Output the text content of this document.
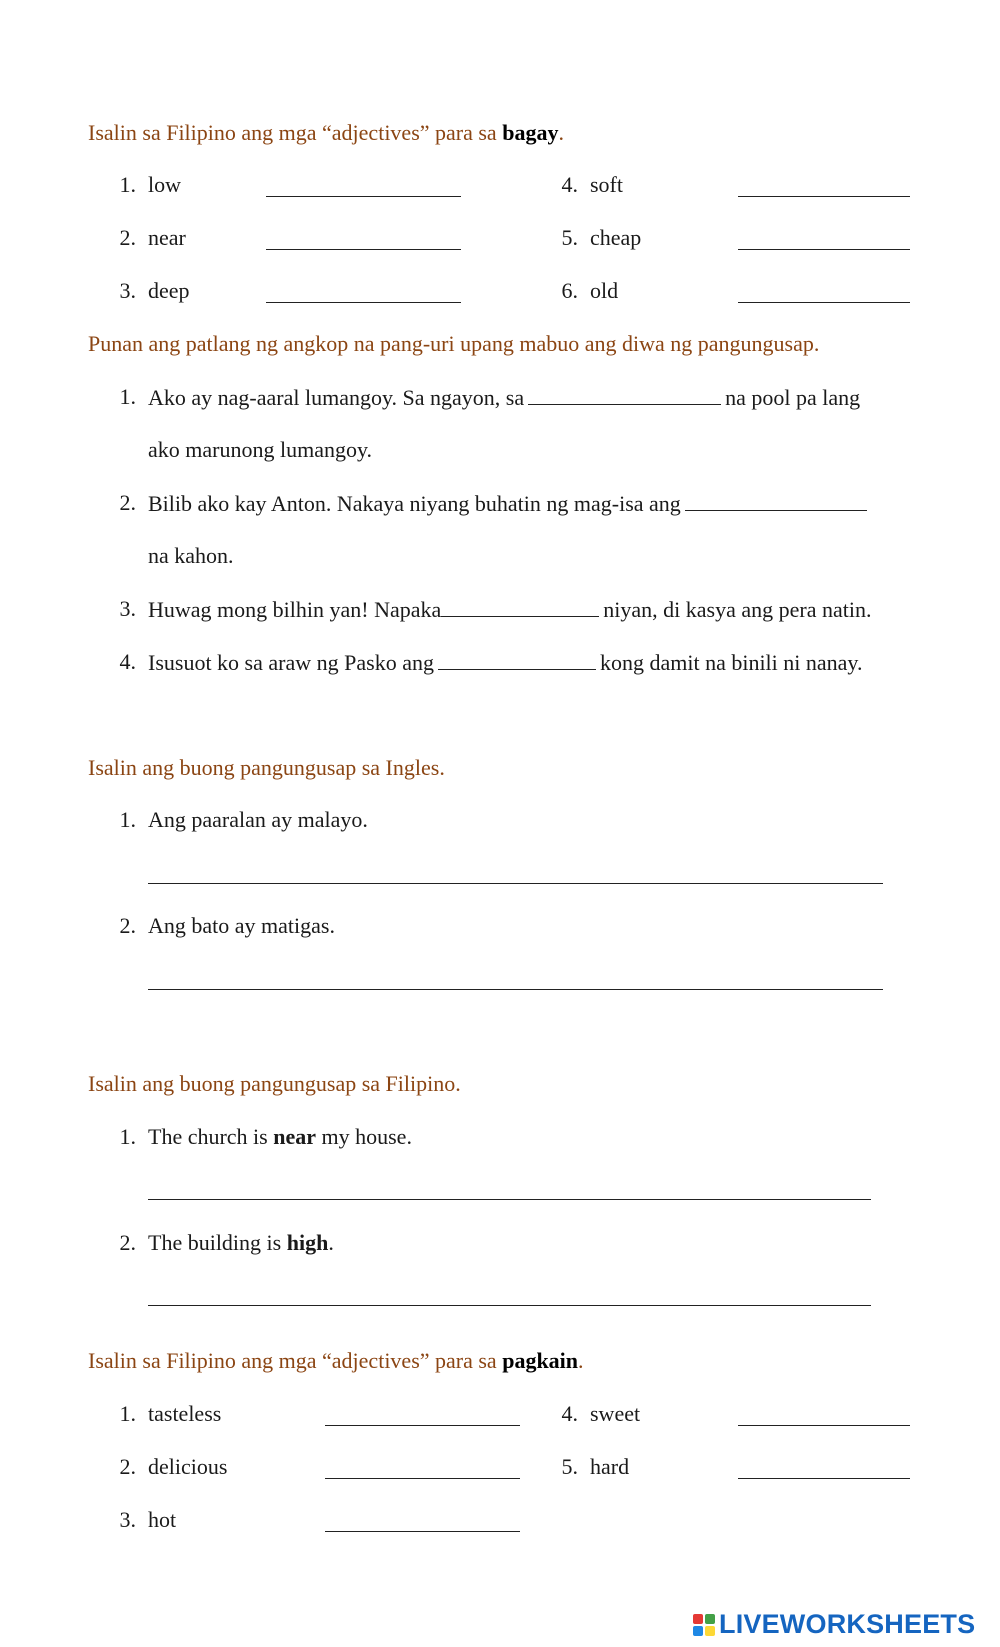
Isalin sa Filipino ang mga “adjectives” para sa bagay.
1. low
2. near
3. deep
4. soft
5. cheap
6. old
Punan ang patlang ng angkop na pang-uri upang mabuo ang diwa ng pangungusap.
1. Ako ay nag-aaral lumangoy. Sa ngayon, sa	na pool pa lang
ako marunong lumangoy.
2. Bilib ako kay Anton. Nakaya niyang buhatin ng mag-isa ang
na kahon.
3. Huwag mong bilhin yan! Napaka	niyan, di kasya ang pera natin.
4. Isusuot ko sa araw ng Pasko ang	kong damit na binili ni nanay.
Isalin ang buong pangungusap sa Ingles.
1. Ang paaralan ay malayo.
2. Ang bato ay matigas.
Isalin ang buong pangungusap sa Filipino.
1. The church is near my house.
2. The building is high.
Isalin sa Filipino ang mga “adjectives” para sa pagkain.
1. tasteless
2. delicious
3. hot
4. sweet
5. hard
LIVEWORKSHEETS
